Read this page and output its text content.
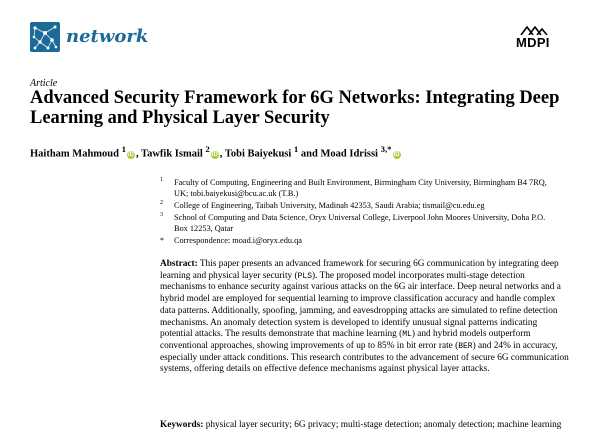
network	MDPI
Article
Advanced Security Framework for 6G Networks: Integrating Deep Learning and Physical Layer Security
Haitham Mahmoud $^1$iD , Tawfik Ismail $^2$iD , Tobi Baiyekusi $^1$ and Moad Idrissi $^{3,*}$iD
1 Faculty of Computing, Engineering and Built Environment, Birmingham City University, Birmingham B4 7RQ, UK; tobi.baiyekusi@bcu.ac.uk (T.B.)
2 College of Engineering, Taibah University, Madinah 42353, Saudi Arabia; tismail@cu.edu.eg
3 School of Computing and Data Science, Oryx Universal College, Liverpool John Moores University, Doha P.O. Box 12253, Qatar
* Correspondence: moad.i@oryx.edu.qa
Abstract: This paper presents an advanced framework for securing 6G communication by integrating deep learning and physical layer security (PLS). The proposed model incorporates multi-stage detection mechanisms to enhance security against various attacks on the 6G air interface. Deep neural networks and a hybrid model are employed for sequential learning to improve classification accuracy and handle complex data patterns. Additionally, spoofing, jamming, and eavesdropping attacks are simulated to refine detection mechanisms. An anomaly detection system is developed to identify unusual signal patterns indicating potential attacks. The results demonstrate that machine learning (ML) and hybrid models outperform conventional approaches, showing improvements of up to 85% in bit error rate (BER) and 24% in accuracy, especially under attack conditions. This research contributes to the advancement of secure 6G communication systems, offering details on effective defence mechanisms against physical layer attacks.
Keywords: physical layer security; 6G privacy; multi-stage detection; anomaly detection; machine learning
